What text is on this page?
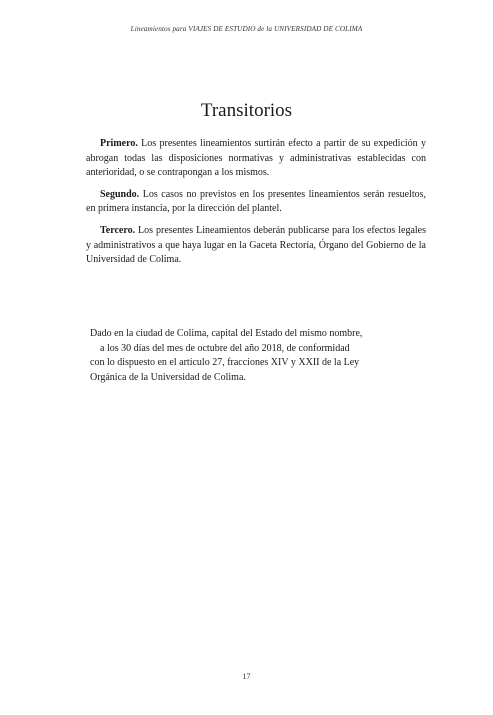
Lineamientos para VIAJES DE ESTUDIO de la UNIVERSIDAD DE COLIMA
Transitorios

Primero. Los presentes lineamientos surtirán efecto a partir de su expedición y abrogan todas las disposiciones normativas y administrativas establecidas con anterioridad, o se contrapongan a los mismos.

Segundo. Los casos no previstos en los presentes lineamientos serán resueltos, en primera instancia, por la dirección del plantel.

Tercero. Los presentes Lineamientos deberán publicarse para los efectos legales y administrativos a que haya lugar en la Gaceta Rectoría, Órgano del Gobierno de la Universidad de Colima.

Dado en la ciudad de Colima, capital del Estado del mismo nombre,
a los 30 días del mes de octubre del año 2018, de conformidad
con lo dispuesto en el artículo 27, fracciones XIV y XXII de la Ley
Orgánica de la Universidad de Colima.
17
